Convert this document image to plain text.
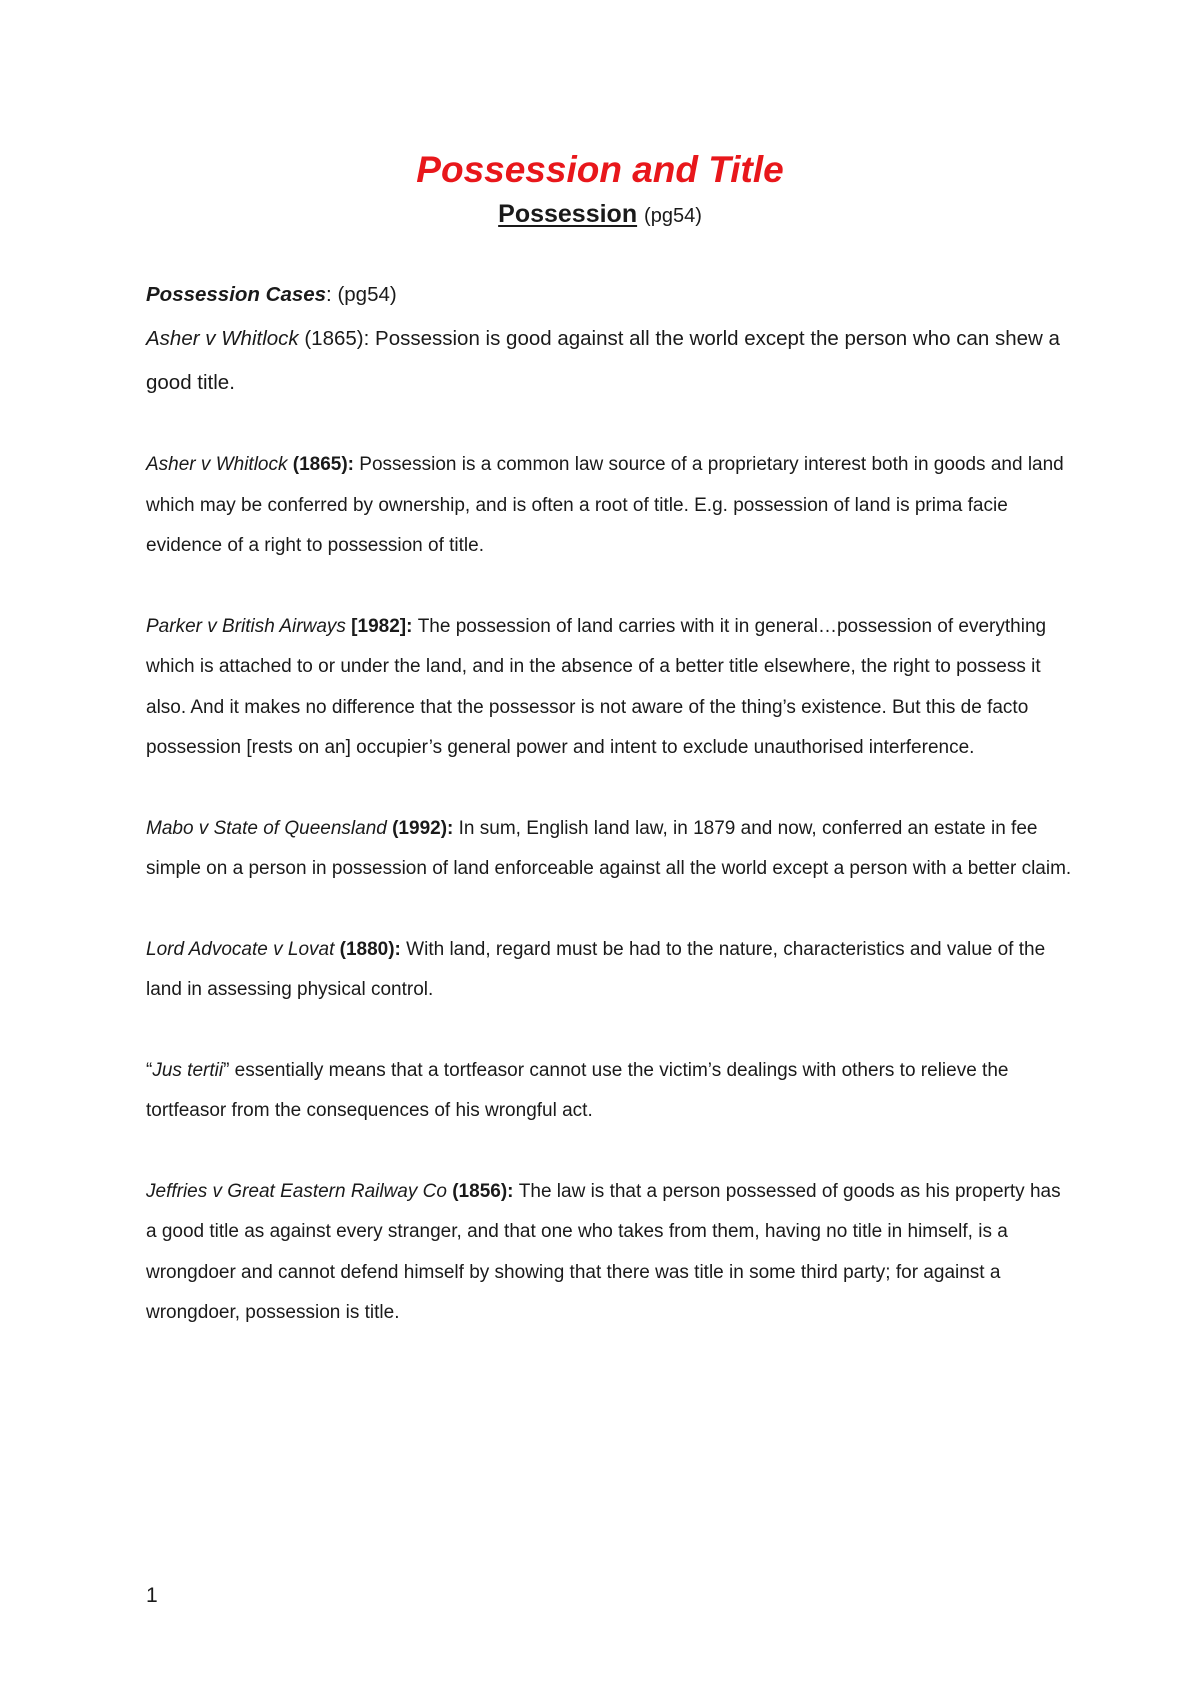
Possession and Title
Possession (pg54)

Possession Cases: (pg54)

Asher v Whitlock (1865): Possession is good against all the world except the person who can shew a good title.

Asher v Whitlock (1865): Possession is a common law source of a proprietary interest both in goods and land which may be conferred by ownership, and is often a root of title. E.g. possession of land is prima facie evidence of a right to possession of title.

Parker v British Airways [1982]: The possession of land carries with it in general…possession of everything which is attached to or under the land, and in the absence of a better title elsewhere, the right to possess it also. And it makes no difference that the possessor is not aware of the thing’s existence. But this de facto possession [rests on an] occupier’s general power and intent to exclude unauthorised interference.

Mabo v State of Queensland (1992): In sum, English land law, in 1879 and now, conferred an estate in fee simple on a person in possession of land enforceable against all the world except a person with a better claim.

Lord Advocate v Lovat (1880): With land, regard must be had to the nature, characteristics and value of the land in assessing physical control.

“Jus tertii” essentially means that a tortfeasor cannot use the victim’s dealings with others to relieve the tortfeasor from the consequences of his wrongful act.

Jeffries v Great Eastern Railway Co (1856): The law is that a person possessed of goods as his property has a good title as against every stranger, and that one who takes from them, having no title in himself, is a wrongdoer and cannot defend himself by showing that there was title in some third party; for against a wrongdoer, possession is title.

1
